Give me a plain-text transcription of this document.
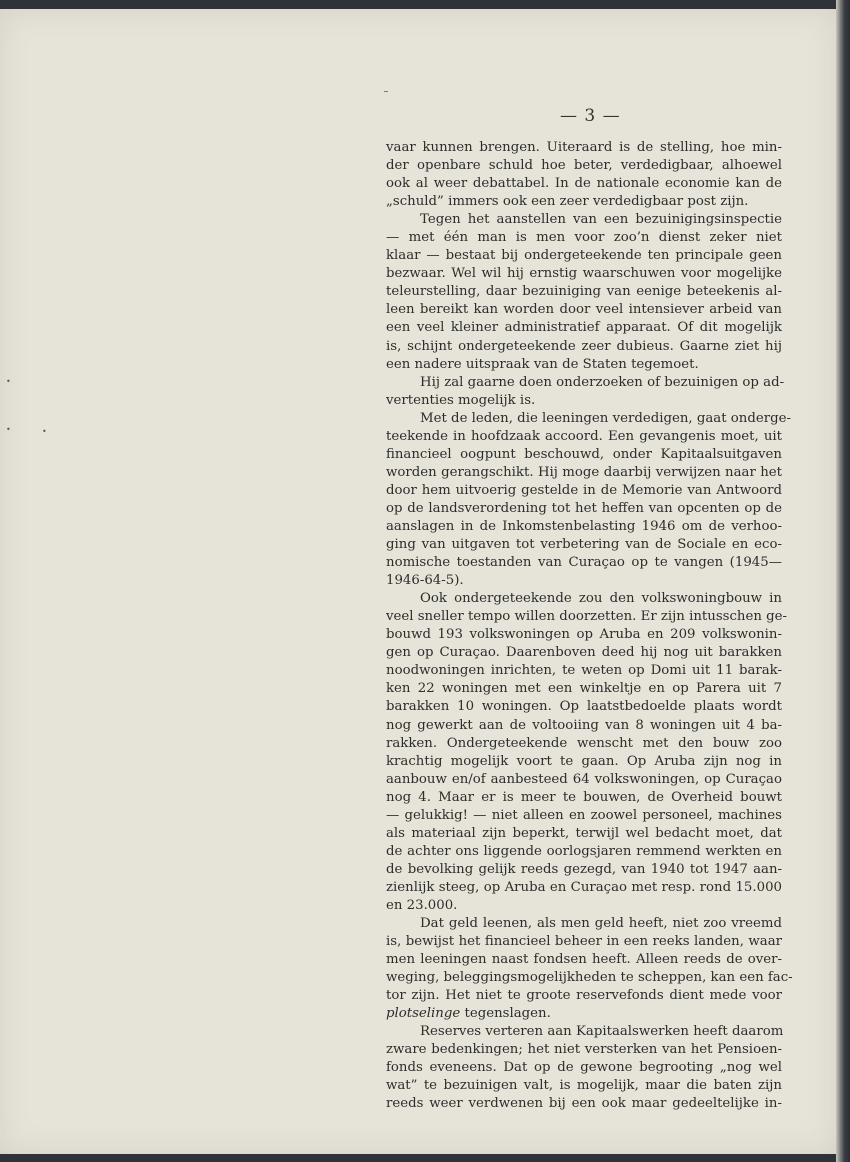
— 3 —
•
•	•
vaar kunnen brengen. Uiteraard is de stelling, hoe min-
der openbare schuld hoe beter, verdedigbaar, alhoewel
ook al weer debattabel. In de nationale economie kan de
„schuld” immers ook een zeer verdedigbaar post zijn.
Tegen het aanstellen van een bezuinigingsinspectie
— met één man is men voor zoo’n dienst zeker niet
klaar — bestaat bij ondergeteekende ten principale geen
bezwaar. Wel wil hij ernstig waarschuwen voor mogelijke
teleurstelling, daar bezuiniging van eenige beteekenis al-
leen bereikt kan worden door veel intensiever arbeid van
een veel kleiner administratief apparaat. Of dit mogelijk
is, schijnt ondergeteekende zeer dubieus. Gaarne ziet hij
een nadere uitspraak van de Staten tegemoet.
Hij zal gaarne doen onderzoeken of bezuinigen op ad-
vertenties mogelijk is.
Met de leden, die leeningen verdedigen, gaat onderge-
teekende in hoofdzaak accoord. Een gevangenis moet, uit
financieel oogpunt beschouwd, onder Kapitaalsuitgaven
worden gerangschikt. Hij moge daarbij verwijzen naar het
door hem uitvoerig gestelde in de Memorie van Antwoord
op de landsverordening tot het heffen van opcenten op de
aanslagen in de Inkomstenbelasting 1946 om de verhoo-
ging van uitgaven tot verbetering van de Sociale en eco-
nomische toestanden van Curaçao op te vangen (1945—
1946-64-5).
Ook ondergeteekende zou den volkswoningbouw in
veel sneller tempo willen doorzetten. Er zijn intusschen ge-
bouwd 193 volkswoningen op Aruba en 209 volkswonin-
gen op Curaçao. Daarenboven deed hij nog uit barakken
noodwoningen inrichten, te weten op Domi uit 11 barak-
ken 22 woningen met een winkeltje en op Parera uit 7
barakken 10 woningen. Op laatstbedoelde plaats wordt
nog gewerkt aan de voltooiing van 8 woningen uit 4 ba-
rakken. Ondergeteekende wenscht met den bouw zoo
krachtig mogelijk voort te gaan. Op Aruba zijn nog in
aanbouw en/of aanbesteed 64 volkswoningen, op Curaçao
nog 4. Maar er is meer te bouwen, de Overheid bouwt
— gelukkig! — niet alleen en zoowel personeel, machines
als materiaal zijn beperkt, terwijl wel bedacht moet, dat
de achter ons liggende oorlogsjaren remmend werkten en
de bevolking gelijk reeds gezegd, van 1940 tot 1947 aan-
zienlijk steeg, op Aruba en Curaçao met resp. rond 15.000
en 23.000.
Dat geld leenen, als men geld heeft, niet zoo vreemd
is, bewijst het financieel beheer in een reeks landen, waar
men leeningen naast fondsen heeft. Alleen reeds de over-
weging, beleggingsmogelijkheden te scheppen, kan een fac-
tor zijn. Het niet te groote reservefonds dient mede voor
plotselinge tegenslagen.
Reserves verteren aan Kapitaalswerken heeft daarom
zware bedenkingen; het niet versterken van het Pensioen-
fonds eveneens. Dat op de gewone begrooting „nog wel
wat” te bezuinigen valt, is mogelijk, maar die baten zijn
reeds weer verdwenen bij een ook maar gedeeltelijke in-
